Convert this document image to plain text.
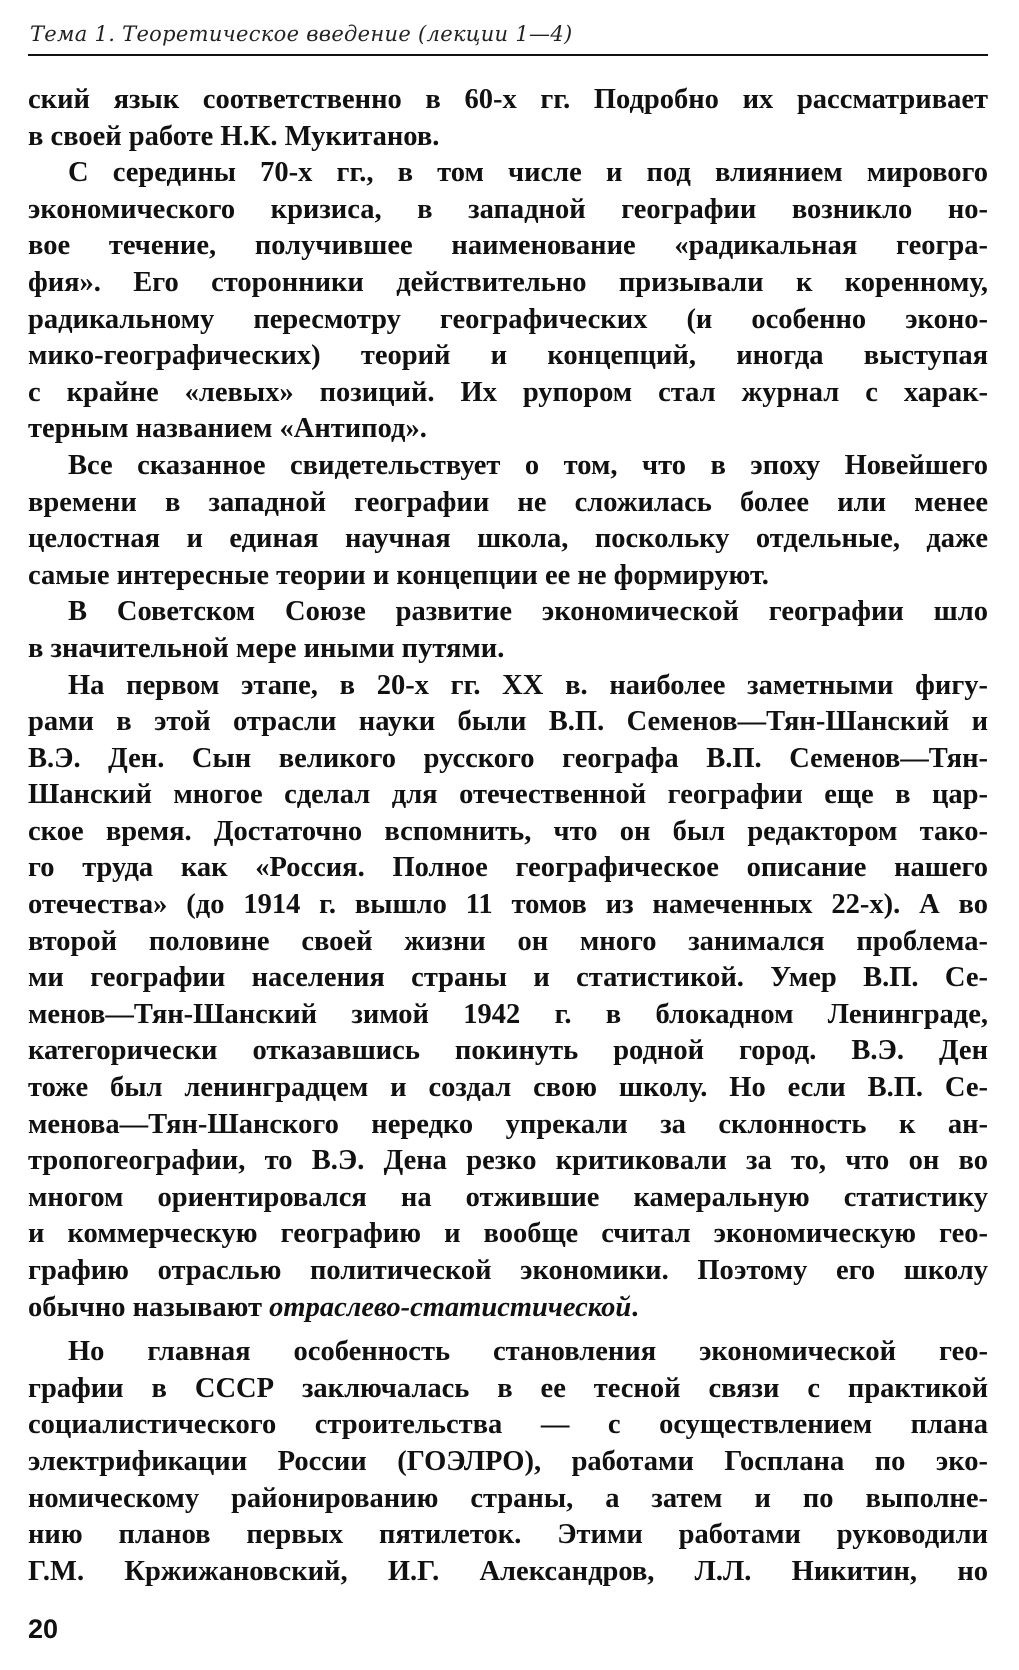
Тема 1. Теоретическое введение (лекции 1—4)
ский язык соответственно в 60-х гг. Подробно их рассматривает
в своей работе Н.К. Мукитанов.
С середины 70-х гг., в том числе и под влиянием мирового
экономического кризиса, в западной географии возникло но-
вое течение, получившее наименование «радикальная геогра-
фия». Его сторонники действительно призывали к коренному,
радикальному пересмотру географических (и особенно эконо-
мико-географических) теорий и концепций, иногда выступая
с крайне «левых» позиций. Их рупором стал журнал с харак-
терным названием «Антипод».
Все сказанное свидетельствует о том, что в эпоху Новейшего
времени в западной географии не сложилась более или менее
целостная и единая научная школа, поскольку отдельные, даже
самые интересные теории и концепции ее не формируют.
В Советском Союзе развитие экономической географии шло
в значительной мере иными путями.
На первом этапе, в 20-х гг. XX в. наиболее заметными фигу-
рами в этой отрасли науки были В.П. Семенов—Тян-Шанский и
В.Э. Ден. Сын великого русского географа В.П. Семенов—Тян-
Шанский многое сделал для отечественной географии еще в цар-
ское время. Достаточно вспомнить, что он был редактором тако-
го труда как «Россия. Полное географическое описание нашего
отечества» (до 1914 г. вышло 11 томов из намеченных 22-х). А во
второй половине своей жизни он много занимался проблема-
ми географии населения страны и статистикой. Умер В.П. Се-
менов—Тян-Шанский зимой 1942 г. в блокадном Ленинграде,
категорически отказавшись покинуть родной город. В.Э. Ден
тоже был ленинградцем и создал свою школу. Но если В.П. Се-
менова—Тян-Шанского нередко упрекали за склонность к ан-
тропогеографии, то В.Э. Дена резко критиковали за то, что он во
многом ориентировался на отжившие камеральную статистику
и коммерческую географию и вообще считал экономическую гео-
графию отраслью политической экономики. Поэтому его школу
обычно называют отраслево-статистической.
Но главная особенность становления экономической гео-
графии в СССР заключалась в ее тесной связи с практикой
социалистического строительства — с осуществлением плана
электрификации России (ГОЭЛРО), работами Госплана по эко-
номическому районированию страны, а затем и по выполне-
нию планов первых пятилеток. Этими работами руководили
Г.М. Кржижановский, И.Г. Александров, Л.Л. Никитин, но
20
